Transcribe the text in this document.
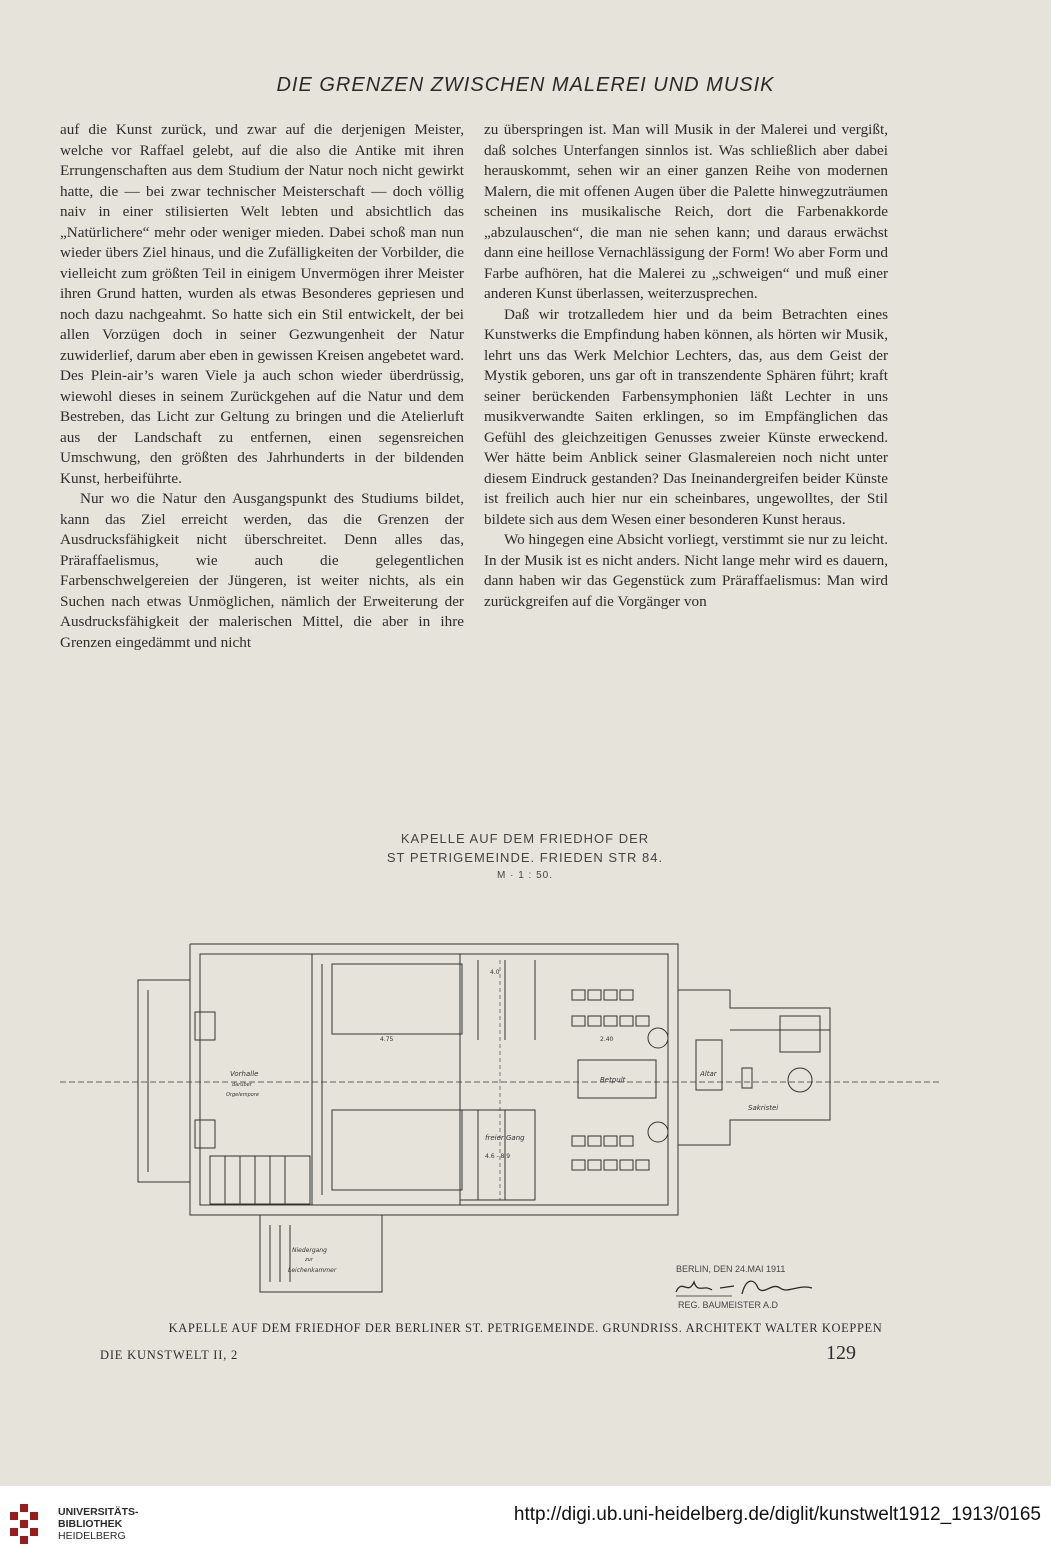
DIE GRENZEN ZWISCHEN MALEREI UND MUSIK

auf die Kunst zurück, und zwar auf die derjenigen Meister, welche vor Raffael gelebt, auf die also die Antike mit ihren Errungenschaften aus dem Studium der Natur noch nicht gewirkt hatte, die — bei zwar technischer Meisterschaft — doch völlig naiv in einer stilisierten Welt lebten und absichtlich das „Natürlichere“ mehr oder weniger mieden. Dabei schoß man nun wieder übers Ziel hinaus, und die Zufälligkeiten der Vorbilder, die vielleicht zum größten Teil in einigem Unvermögen ihrer Meister ihren Grund hatten, wurden als etwas Besonderes gepriesen und noch dazu nachgeahmt. So hatte sich ein Stil entwickelt, der bei allen Vorzügen doch in seiner Gezwungenheit der Natur zuwiderlief, darum aber eben in gewissen Kreisen angebetet ward. Des Plein-air’s waren Viele ja auch schon wieder überdrüssig, wiewohl dieses in seinem Zurückgehen auf die Natur und dem Bestreben, das Licht zur Geltung zu bringen und die Atelierluft aus der Landschaft zu entfernen, einen segensreichen Umschwung, den größten des Jahrhunderts in der bildenden Kunst, herbeiführte.

Nur wo die Natur den Ausgangspunkt des Studiums bildet, kann das Ziel erreicht werden, das die Grenzen der Ausdrucksfähigkeit nicht überschreitet. Denn alles das, Präraffaelismus, wie auch die gelegentlichen Farbenschwelgereien der Jüngeren, ist weiter nichts, als ein Suchen nach etwas Unmöglichen, nämlich der Erweiterung der Ausdrucksfähigkeit der malerischen Mittel, die aber in ihre Grenzen eingedämmt und nicht

zu überspringen ist. Man will Musik in der Malerei und vergißt, daß solches Unterfangen sinnlos ist. Was schließlich aber dabei herauskommt, sehen wir an einer ganzen Reihe von modernen Malern, die mit offenen Augen über die Palette hinwegzuträumen scheinen ins musikalische Reich, dort die Farbenakkorde „abzulauschen“, die man nie sehen kann; und daraus erwächst dann eine heillose Vernachlässigung der Form! Wo aber Form und Farbe aufhören, hat die Malerei zu „schweigen“ und muß einer anderen Kunst überlassen, weiterzusprechen.

Daß wir trotzalledem hier und da beim Betrachten eines Kunstwerks die Empfindung haben können, als hörten wir Musik, lehrt uns das Werk Melchior Lechters, das, aus dem Geist der Mystik geboren, uns gar oft in transzendente Sphären führt; kraft seiner berückenden Farbensymphonien läßt Lechter in uns musikverwandte Saiten erklingen, so im Empfänglichen das Gefühl des gleichzeitigen Genusses zweier Künste erweckend. Wer hätte beim Anblick seiner Glasmalereien noch nicht unter diesem Eindruck gestanden? Das Ineinandergreifen beider Künste ist freilich auch hier nur ein scheinbares, ungewolltes, der Stil bildete sich aus dem Wesen einer besonderen Kunst heraus.

Wo hingegen eine Absicht vorliegt, verstimmt sie nur zu leicht. In der Musik ist es nicht anders. Nicht lange mehr wird es dauern, dann haben wir das Gegenstück zum Präraffaelismus: Man wird zurückgreifen auf die Vorgänger von

KAPELLE AUF DEM FRIEDHOF DER
ST PETRIGEMEINDE. FRIEDEN STR 84.
M · 1 : 50.
Vorhalle
darüber
Orgelempore
Betpult
Altar
Sakristei
freier Gang
Niedergang
zur
Leichenkammer
4.75
4.0
2.40
4.6 - 8.9
BERLIN, DEN 24.MAI 1911
REG. BAUMEISTER A.D
KAPELLE AUF DEM FRIEDHOF DER BERLINER ST. PETRIGEMEINDE. GRUNDRISS. ARCHITEKT WALTER KOEPPEN
DIE KUNSTWELT II, 2	129
UNIVERSITÄTS-
BIBLIOTHEK
HEIDELBERG
http://digi.ub.uni-heidelberg.de/diglit/kunstwelt1912_1913/0165
